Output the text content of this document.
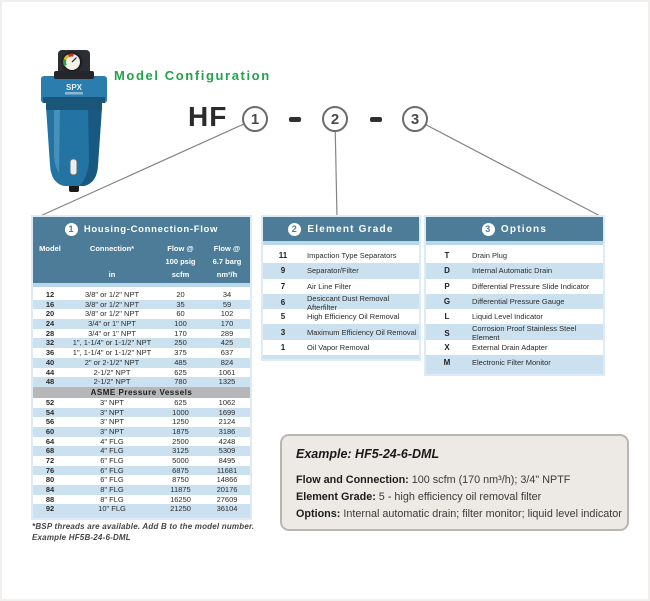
SPX
Model Configuration
HF	1	2	3
1	Housing-Connection-Flow
Model	Connection*
in
Flow @
100 psig
scfm
Flow @
6.7 barg
nm³/h
12	3/8" or 1/2" NPT	20	34
16	3/8" or 1/2" NPT	35	59
20	3/8" or 1/2" NPT	60	102
24	3/4" or 1" NPT	100	170
28	3/4" or 1" NPT	170	289
32	1", 1-1/4" or 1-1/2" NPT	250	425
36	1", 1-1/4" or 1-1/2" NPT	375	637
40	2" or 2-1/2" NPT	485	824
44	2-1/2" NPT	625	1061
48	2-1/2" NPT	780	1325
ASME Pressure Vessels
52	3" NPT	625	1062
54	3" NPT	1000	1699
56	3" NPT	1250	2124
60	3" NPT	1875	3186
64	4" FLG	2500	4248
68	4" FLG	3125	5309
72	6" FLG	5000	8495
76	6" FLG	6875	11681
80	6" FLG	8750	14866
84	8" FLG	11875	20176
88	8" FLG	16250	27609
92	10" FLG	21250	36104
*BSP threads are available. Add B to the model number.
Example HF5B-24-6-DML
2 Element Grade
11	Impaction Type Separators
9	Separator/Filter
7	Air Line Filter
6	Desiccant Dust Removal Afterfilter
5	High Efficiency Oil Removal
3	Maximum Efficiency Oil Removal
1	Oil Vapor Removal
3 Options
T	Drain Plug
D	Internal Automatic Drain
P	Differential Pressure Slide Indicator
G	Differential Pressure Gauge
L	Liquid Level Indicator
S	Corrosion Proof Stainless Steel Element
X	External Drain Adapter
M	Electronic Filter Monitor
Example: HF5-24-6-DML
Flow and Connection: 100 scfm (170 nm³/h); 3/4" NPTF
Element Grade: 5 - high efficiency oil removal filter
Options: Internal automatic drain; filter monitor; liquid level indicator
